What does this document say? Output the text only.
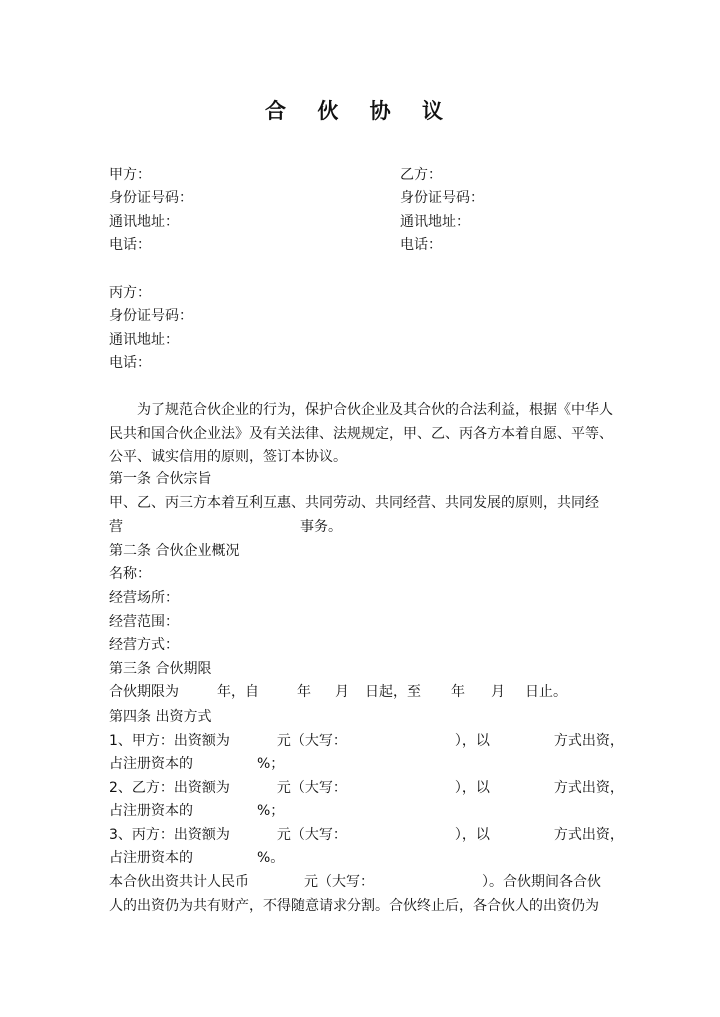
合 伙 协 议
甲方：
身份证号码：
通讯地址：
电话：
乙方：
身份证号码：
通讯地址：
电话：
丙方：
身份证号码：
通讯地址：
电话：
为了规范合伙企业的行为，保护合伙企业及其合伙的合法利益，根据《中华人民共和国合伙企业法》及有关法律、法规规定，甲、乙、丙各方本着自愿、平等、公平、诚实信用的原则，签订本协议。
第一条 合伙宗旨
甲、乙、丙三方本着互利互惠、共同劳动、共同经营、共同发展的原则，共同经
营	事务。
第二条 合伙企业概况
名称：
经营场所：
经营范围：
经营方式：
第三条 合伙期限
合伙期限为	年，自	年 月 日起，至 年 月 日止。
第四条 出资方式
1、甲方：出资额为	元（大写：	），以	方式出资，
占注册资本的	%；
2、乙方：出资额为	元（大写：	），以	方式出资，
占注册资本的	%；
3、丙方：出资额为	元（大写：	），以	方式出资，
占注册资本的	%。
本合伙出资共计人民币	元（大写：	）。合伙期间各合伙
人的出资仍为共有财产，不得随意请求分割。合伙终止后，各合伙人的出资仍为
